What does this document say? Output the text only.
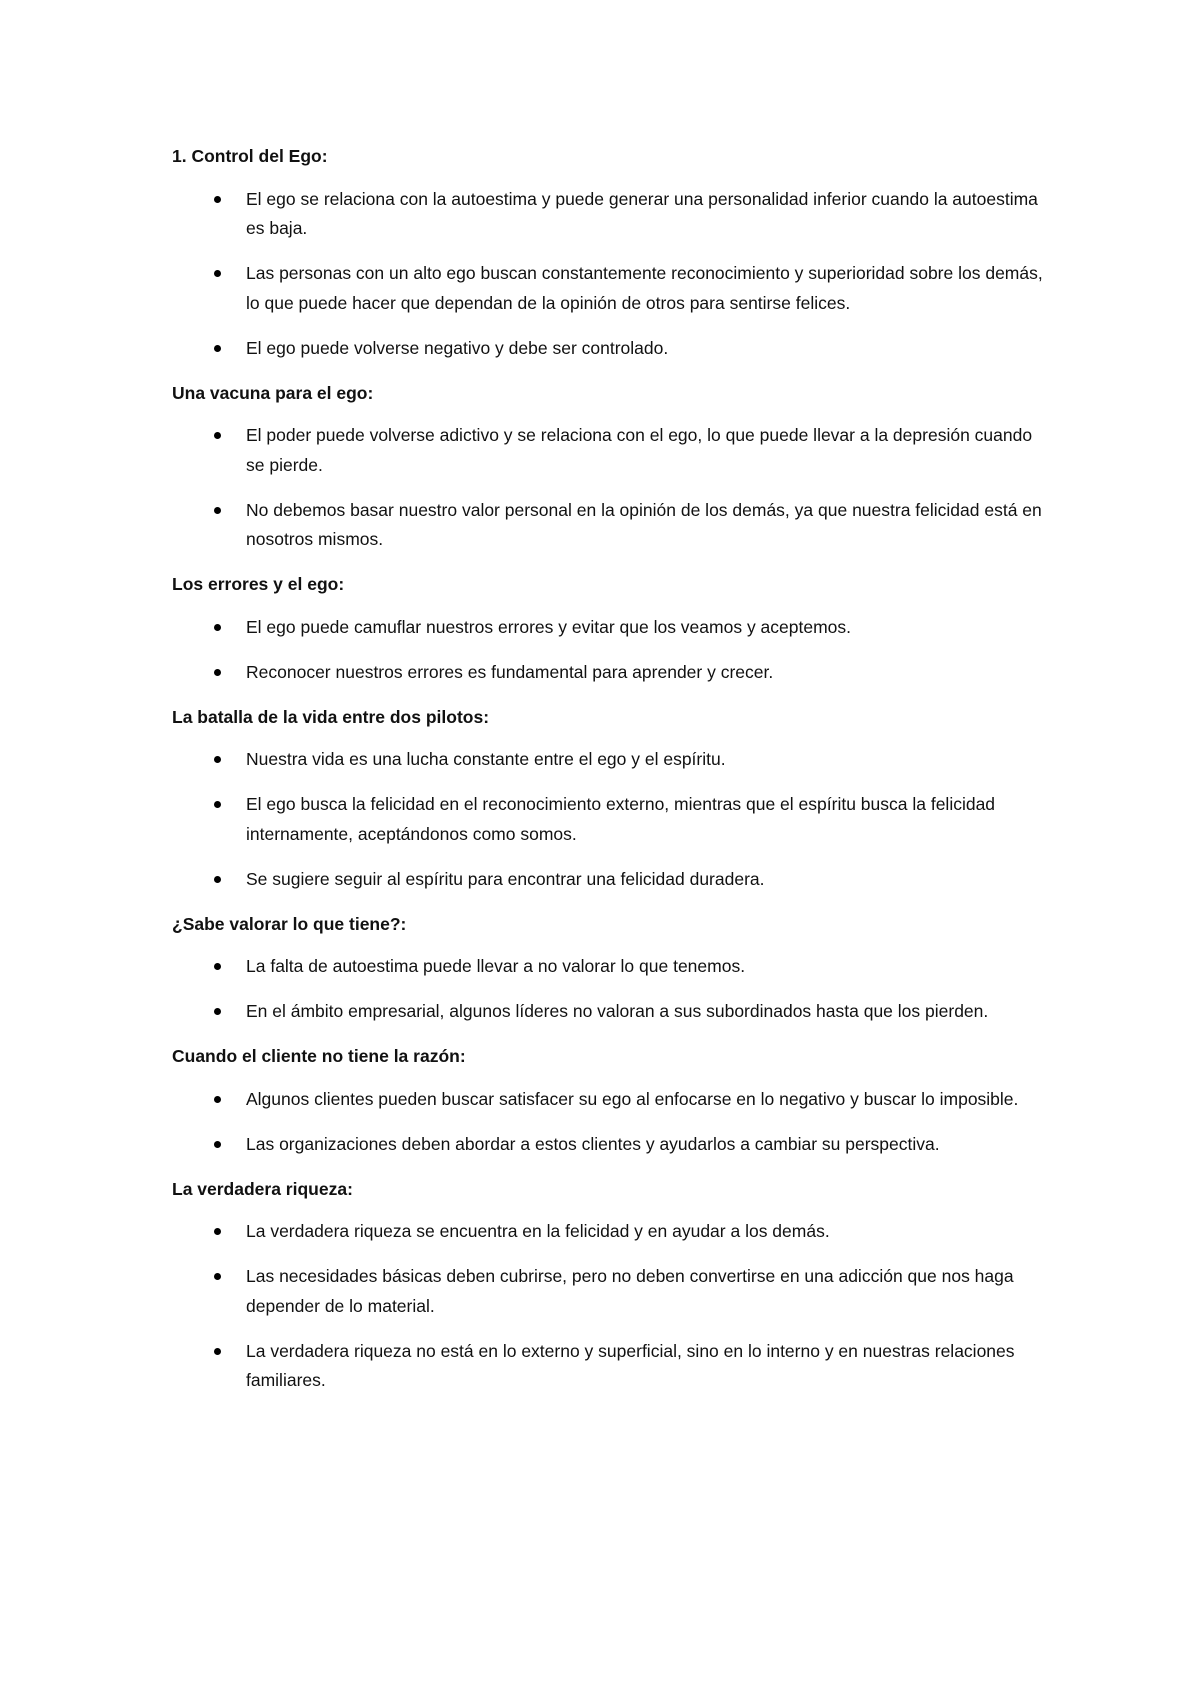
1. Control del Ego:

El ego se relaciona con la autoestima y puede generar una personalidad inferior cuando la autoestima es baja.
Las personas con un alto ego buscan constantemente reconocimiento y superioridad sobre los demás, lo que puede hacer que dependan de la opinión de otros para sentirse felices.
El ego puede volverse negativo y debe ser controlado.

Una vacuna para el ego:

El poder puede volverse adictivo y se relaciona con el ego, lo que puede llevar a la depresión cuando se pierde.
No debemos basar nuestro valor personal en la opinión de los demás, ya que nuestra felicidad está en nosotros mismos.

Los errores y el ego:

El ego puede camuflar nuestros errores y evitar que los veamos y aceptemos.
Reconocer nuestros errores es fundamental para aprender y crecer.

La batalla de la vida entre dos pilotos:

Nuestra vida es una lucha constante entre el ego y el espíritu.
El ego busca la felicidad en el reconocimiento externo, mientras que el espíritu busca la felicidad internamente, aceptándonos como somos.
Se sugiere seguir al espíritu para encontrar una felicidad duradera.

¿Sabe valorar lo que tiene?:

La falta de autoestima puede llevar a no valorar lo que tenemos.
En el ámbito empresarial, algunos líderes no valoran a sus subordinados hasta que los pierden.

Cuando el cliente no tiene la razón:

Algunos clientes pueden buscar satisfacer su ego al enfocarse en lo negativo y buscar lo imposible.
Las organizaciones deben abordar a estos clientes y ayudarlos a cambiar su perspectiva.

La verdadera riqueza:

La verdadera riqueza se encuentra en la felicidad y en ayudar a los demás.
Las necesidades básicas deben cubrirse, pero no deben convertirse en una adicción que nos haga depender de lo material.
La verdadera riqueza no está en lo externo y superficial, sino en lo interno y en nuestras relaciones familiares.
